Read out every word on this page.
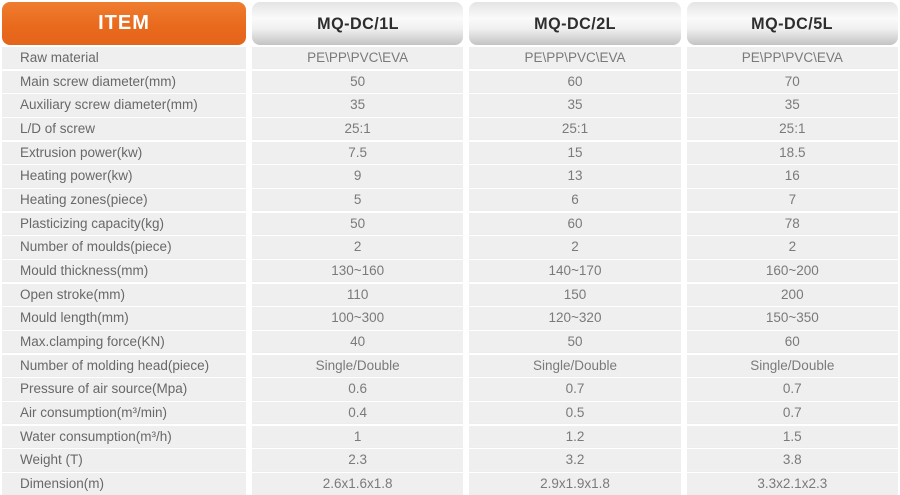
ITEM	MQ-DC/1L	MQ-DC/2L	MQ-DC/5L
Raw material	PE\PP\PVC\EVA	PE\PP\PVC\EVA	PE\PP\PVC\EVA
Main screw diameter(mm)	50	60	70
Auxiliary screw diameter(mm)	35	35	35
L/D of screw	25:1	25:1	25:1
Extrusion power(kw)	7.5	15	18.5
Heating power(kw)	9	13	16
Heating zones(piece)	5	6	7
Plasticizing capacity(kg)	50	60	78
Number of moulds(piece)	2	2	2
Mould thickness(mm)	130~160	140~170	160~200
Open stroke(mm)	110	150	200
Mould length(mm)	100~300	120~320	150~350
Max.clamping force(KN)	40	50	60
Number of molding head(piece)	Single/Double	Single/Double	Single/Double
Pressure of air source(Mpa)	0.6	0.7	0.7
Air consumption(m³/min)	0.4	0.5	0.7
Water consumption(m³/h)	1	1.2	1.5
Weight (T)	2.3	3.2	3.8
Dimension(m)	2.6x1.6x1.8	2.9x1.9x1.8	3.3x2.1x2.3
